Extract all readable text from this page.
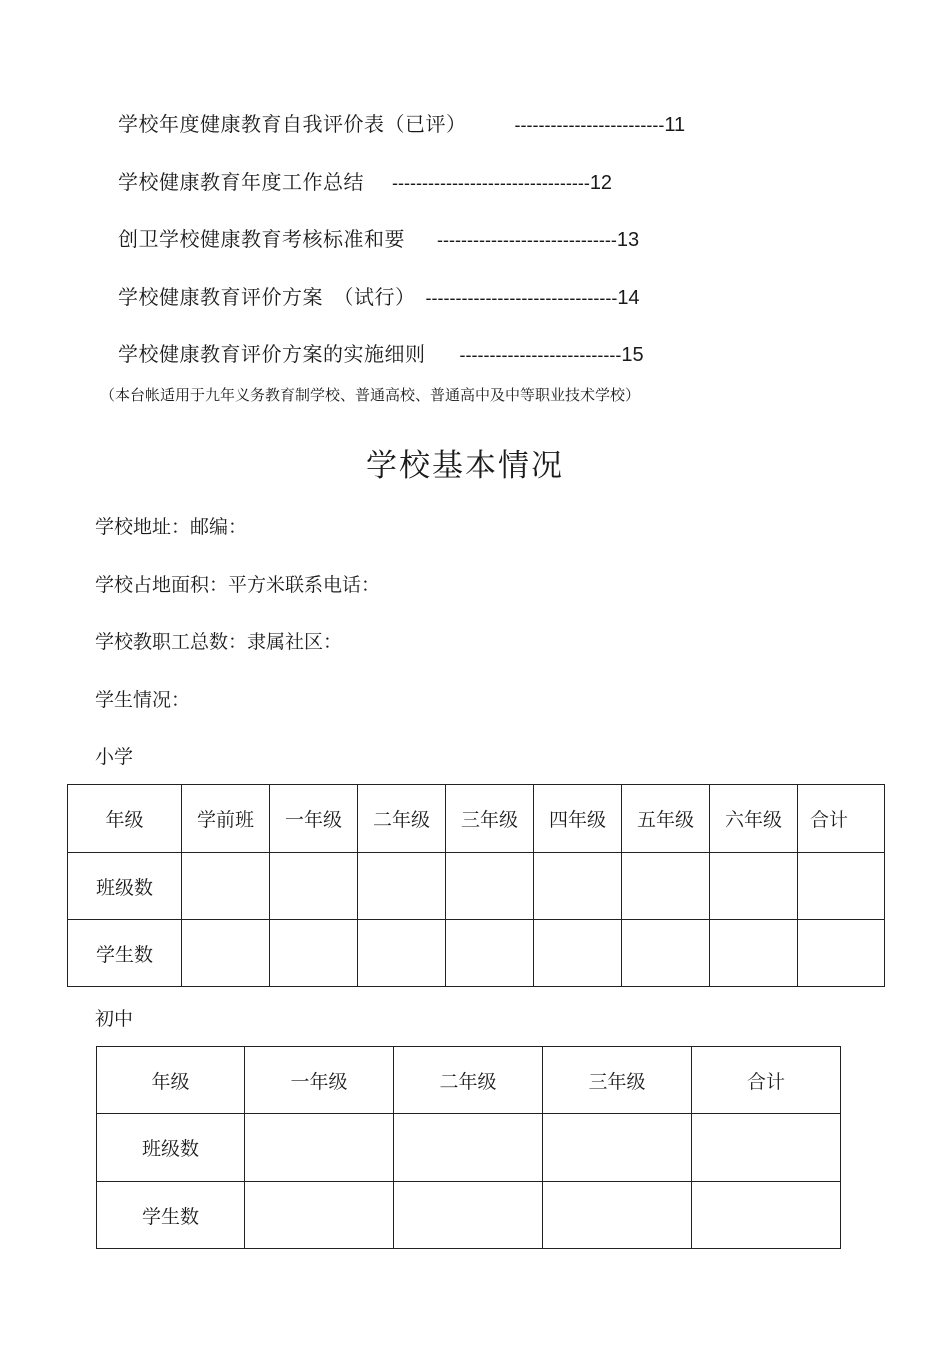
学校年度健康教育自我评价表（已评）	------------------------- 11
学校健康教育年度工作总结 --------------------------------- 12
创卫学校健康教育考核标准和要 ------------------------------ 13
学校健康教育评价方案　（试行） -------------------------------- 14
学校健康教育评价方案的实施细则 --------------------------- 15
（本台帐适用于九年义务教育制学校、普通高校、普通高中及中等职业技术学校）
学校基本情况
学校地址：邮编：
学校占地面积：平方米联系电话：
学校教职工总数：隶属社区：
学生情况：
小学
年级	学前班	一年级	二年级	三年级	四年级	五年级	六年级	合计
班级数								
学生数								
初中
年级	一年级	二年级	三年级	合计
班级数				
学生数				
